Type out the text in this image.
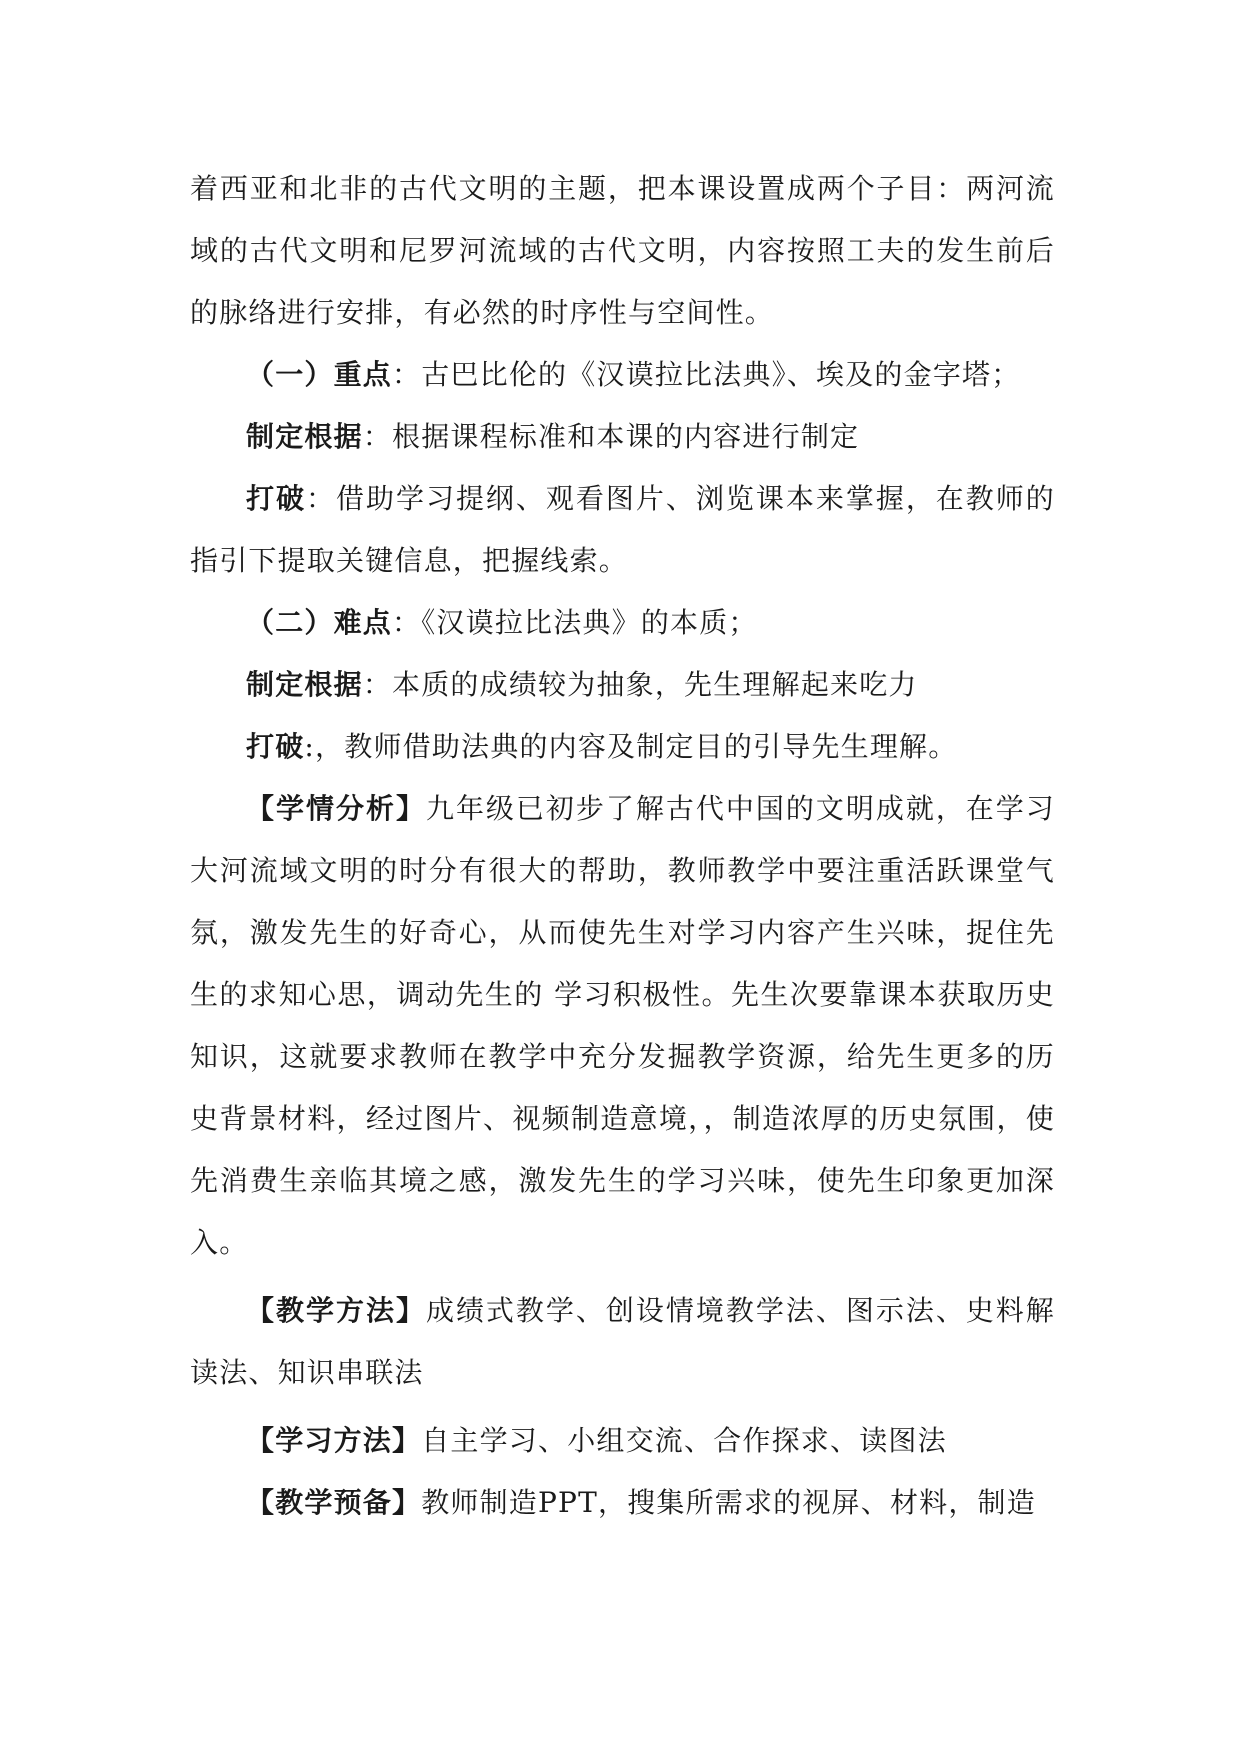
着西亚和北非的古代文明的主题，把本课设置成两个子目：两河流域的古代文明和尼罗河流域的古代文明，内容按照工夫的发生前后的脉络进行安排，有必然的时序性与空间性。

（一）重点：古巴比伦的《汉谟拉比法典》、埃及的金字塔；

制定根据：根据课程标准和本课的内容进行制定

打破：借助学习提纲、观看图片、浏览课本来掌握，在教师的指引下提取关键信息，把握线索。

（二）难点：《汉谟拉比法典》的本质；

制定根据：本质的成绩较为抽象，先生理解起来吃力

打破:，教师借助法典的内容及制定目的引导先生理解。

【学情分析】九年级已初步了解古代中国的文明成就，在学习大河流域文明的时分有很大的帮助，教师教学中要注重活跃课堂气氛，激发先生的好奇心，从而使先生对学习内容产生兴味，捉住先生的求知心思，调动先生的 学习积极性。先生次要靠课本获取历史知识，这就要求教师在教学中充分发掘教学资源，给先生更多的历史背景材料，经过图片、视频制造意境，，制造浓厚的历史氛围，使先消费生亲临其境之感，激发先生的学习兴味，使先生印象更加深入。

【教学方法】成绩式教学、创设情境教学法、图示法、史料解读法、知识串联法

【学习方法】自主学习、小组交流、合作探求、读图法

【教学预备】教师制造PPT，搜集所需求的视屏、材料，制造
